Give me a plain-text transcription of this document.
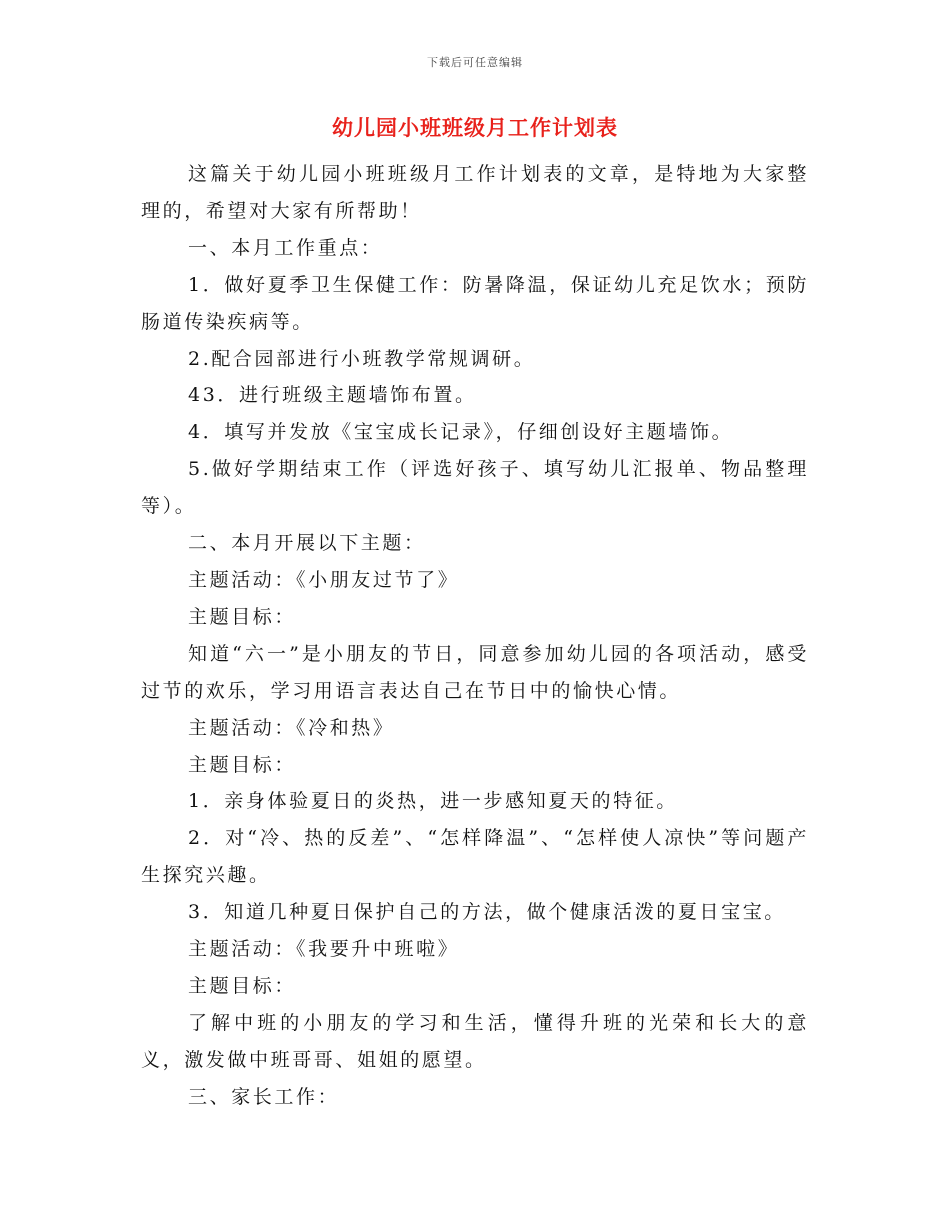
下载后可任意编辑
幼儿园小班班级月工作计划表

这篇关于幼儿园小班班级月工作计划表的文章，是特地为大家整理的，希望对大家有所帮助！

一、本月工作重点：

1．做好夏季卫生保健工作：防暑降温，保证幼儿充足饮水；预防肠道传染疾病等。

2.配合园部进行小班教学常规调研。

43．进行班级主题墙饰布置。

4．填写并发放《宝宝成长记录》，仔细创设好主题墙饰。

5.做好学期结束工作（评选好孩子、填写幼儿汇报单、物品整理等）。

二、本月开展以下主题：

主题活动：《小朋友过节了》

主题目标：

知道“六一”是小朋友的节日，同意参加幼儿园的各项活动，感受过节的欢乐，学习用语言表达自己在节日中的愉快心情。

主题活动：《冷和热》

主题目标：

1．亲身体验夏日的炎热，进一步感知夏天的特征。

2．对“冷、热的反差”、“怎样降温”、“怎样使人凉快”等问题产生探究兴趣。

3．知道几种夏日保护自己的方法，做个健康活泼的夏日宝宝。

主题活动：《我要升中班啦》

主题目标：

了解中班的小朋友的学习和生活，懂得升班的光荣和长大的意义，激发做中班哥哥、姐姐的愿望。

三、家长工作：
